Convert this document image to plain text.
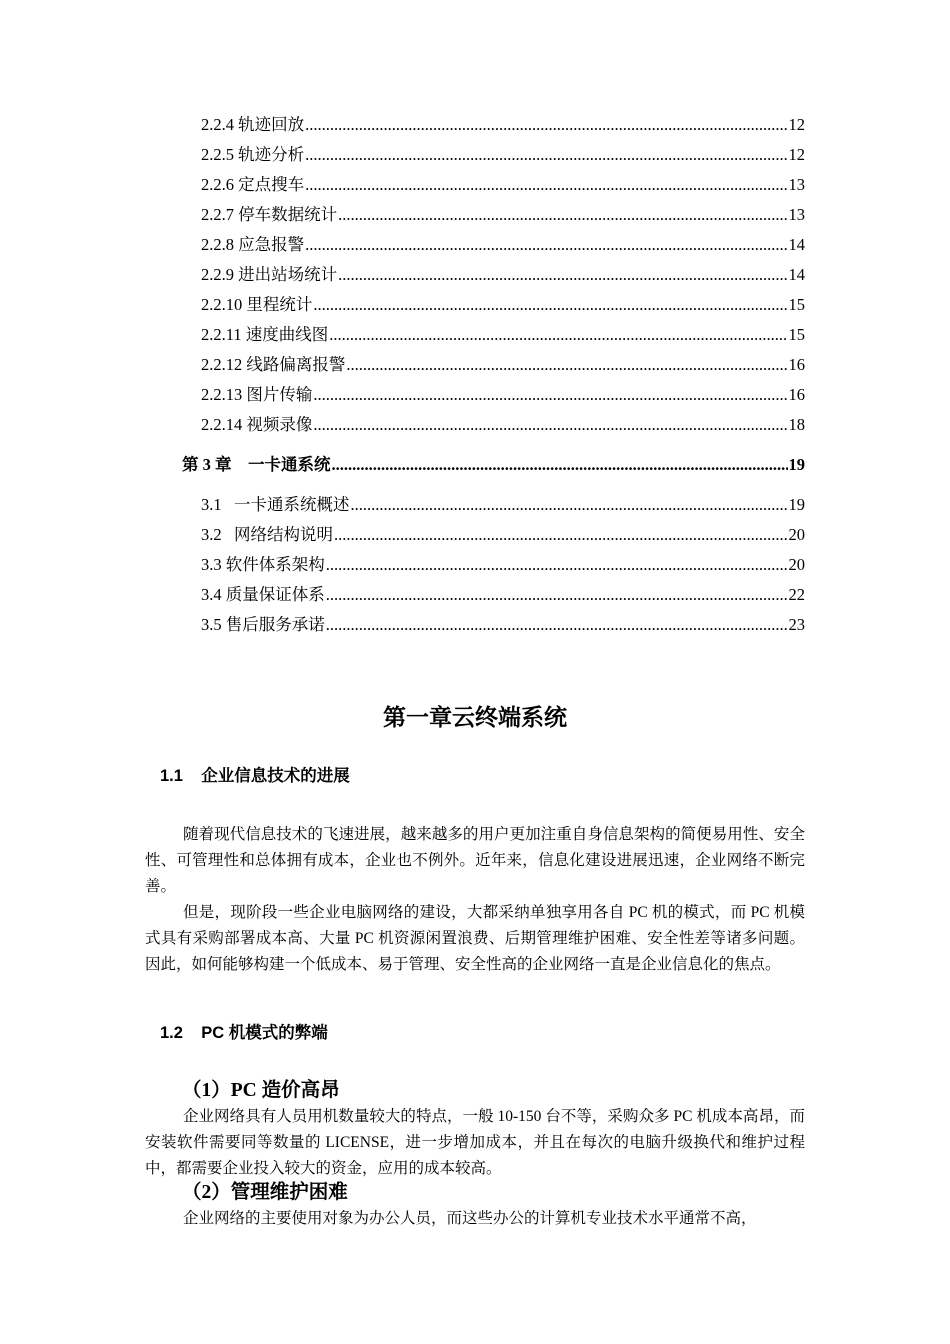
2.2.4 轨迹回放 .....	12
2.2.5 轨迹分析 .....	12
2.2.6 定点搜车 .....	13
2.2.7 停车数据统计 .....	13
2.2.8 应急报警 .....	14
2.2.9 进出站场统计 .....	14
2.2.10 里程统计 .....	15
2.2.11 速度曲线图 .....	15
2.2.12 线路偏离报警 .....	16
2.2.13 图片传输 .....	16
2.2.14 视频录像 .....	18
第 3 章    一卡通系统 .....	19
3.1   一卡通系统概述 .....	19
3.2   网络结构说明 .....	20
3.3 软件体系架构 .....	20
3.4 质量保证体系 .....	22
3.5 售后服务承诺 .....	23
第一章云终端系统
1.1    企业信息技术的进展

随着现代信息技术的飞速进展，越来越多的用户更加注重自身信息架构的简便易用性、安全性、可管理性和总体拥有成本，企业也不例外。近年来，信息化建设进展迅速，企业网络不断完善。

但是，现阶段一些企业电脑网络的建设，大都采纳单独享用各自 PC 机的模式，而 PC 机模式具有采购部署成本高、大量 PC 机资源闲置浪费、后期管理维护困难、安全性差等诸多问题。因此，如何能够构建一个低成本、易于管理、安全性高的企业网络一直是企业信息化的焦点。

1.2    PC 机模式的弊端
（1）PC 造价高昂

企业网络具有人员用机数量较大的特点，一般 10-150 台不等，采购众多 PC 机成本高昂，而安装软件需要同等数量的 LICENSE，进一步增加成本，并且在每次的电脑升级换代和维护过程中，都需要企业投入较大的资金，应用的成本较高。

（2）管理维护困难

企业网络的主要使用对象为办公人员，而这些办公的计算机专业技术水平通常不高，
